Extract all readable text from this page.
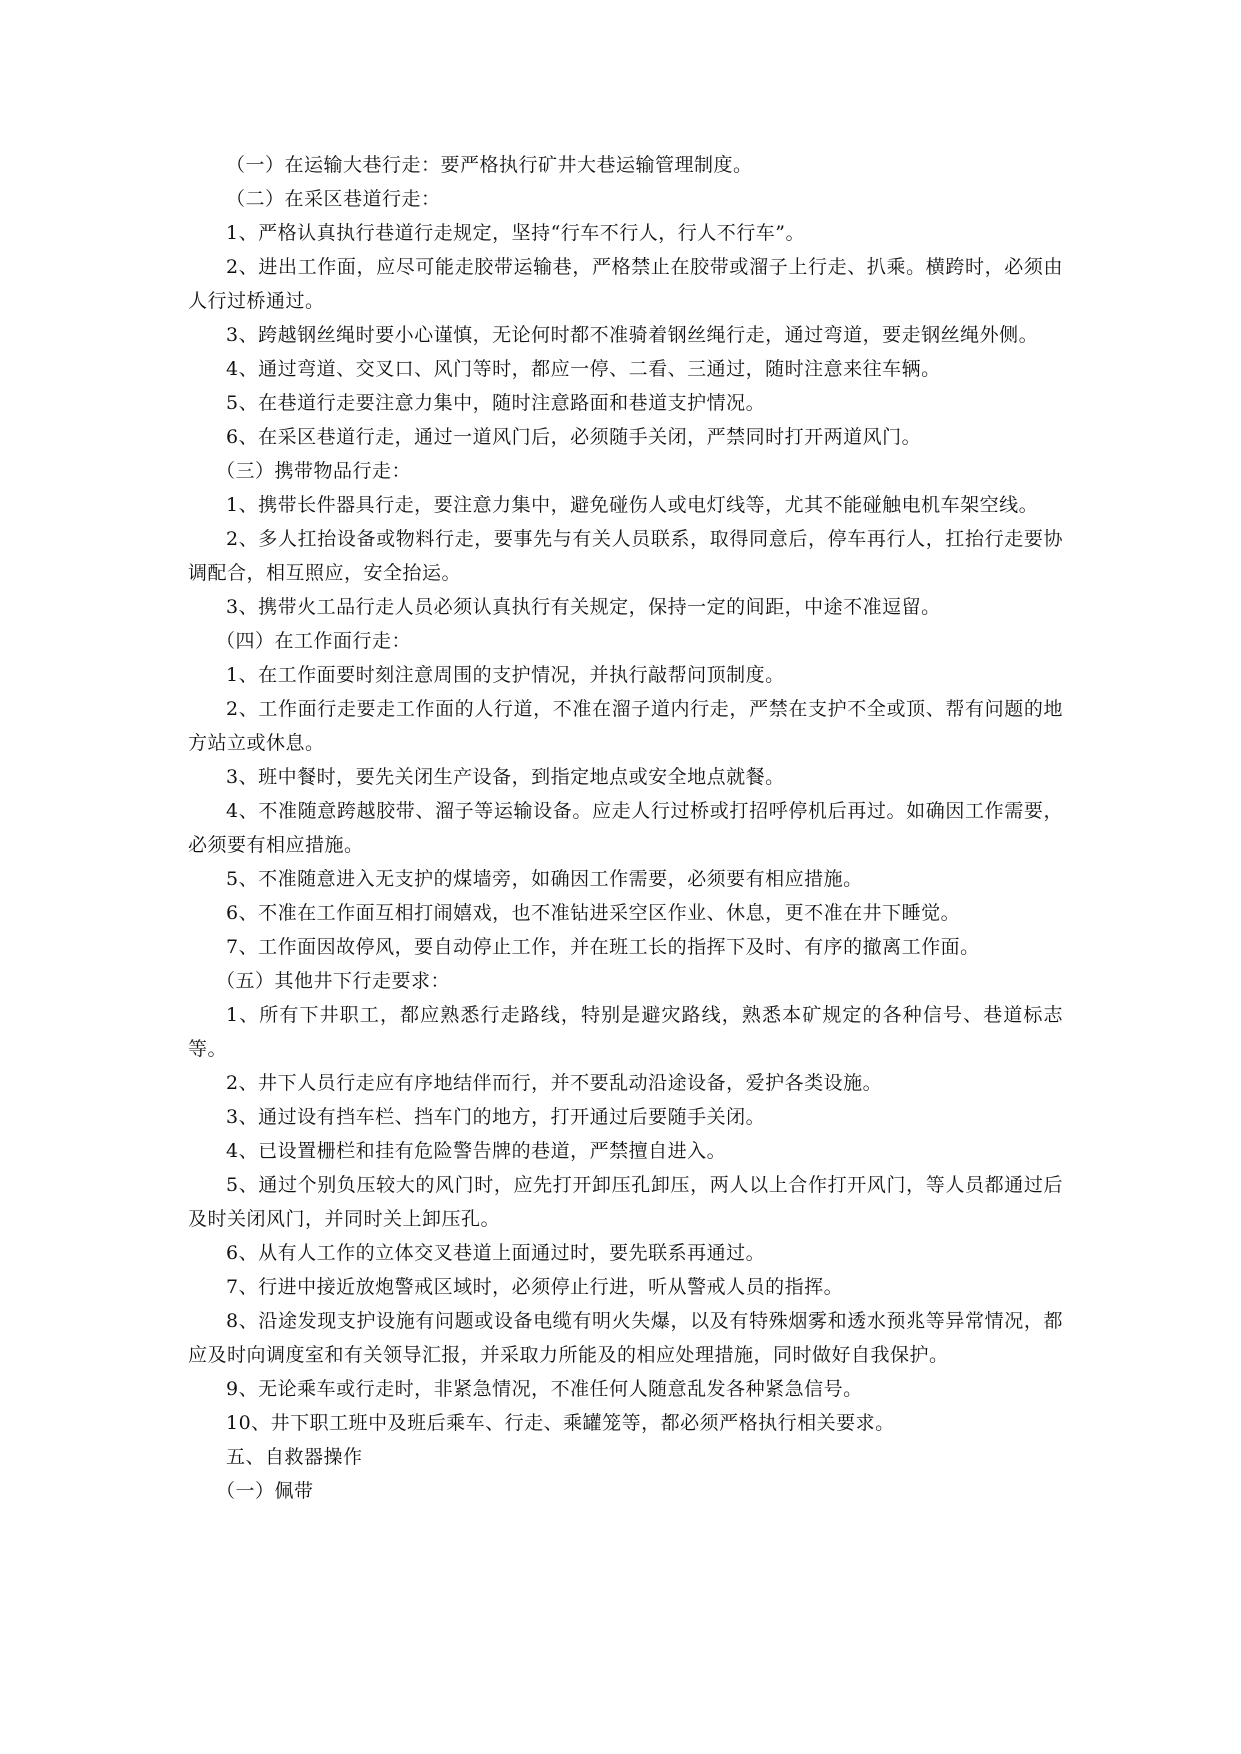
（一）在运输大巷行走：要严格执行矿井大巷运输管理制度。

（二）在采区巷道行走：

1、严格认真执行巷道行走规定，坚持“行车不行人，行人不行车”。

2、进出工作面，应尽可能走胶带运输巷，严格禁止在胶带或溜子上行走、扒乘。横跨时，必须由人行过桥通过。

3、跨越钢丝绳时要小心谨慎，无论何时都不准骑着钢丝绳行走，通过弯道，要走钢丝绳外侧。

4、通过弯道、交叉口、风门等时，都应一停、二看、三通过，随时注意来往车辆。

5、在巷道行走要注意力集中，随时注意路面和巷道支护情况。

6、在采区巷道行走，通过一道风门后，必须随手关闭，严禁同时打开两道风门。

（三）携带物品行走：

1、携带长件器具行走，要注意力集中，避免碰伤人或电灯线等，尤其不能碰触电机车架空线。

2、多人扛抬设备或物料行走，要事先与有关人员联系，取得同意后，停车再行人，扛抬行走要协调配合，相互照应，安全抬运。

3、携带火工品行走人员必须认真执行有关规定，保持一定的间距，中途不准逗留。

（四）在工作面行走：

1、在工作面要时刻注意周围的支护情况，并执行敲帮问顶制度。

2、工作面行走要走工作面的人行道，不准在溜子道内行走，严禁在支护不全或顶、帮有问题的地方站立或休息。

3、班中餐时，要先关闭生产设备，到指定地点或安全地点就餐。

4、不准随意跨越胶带、溜子等运输设备。应走人行过桥或打招呼停机后再过。如确因工作需要，必须要有相应措施。

5、不准随意进入无支护的煤墙旁，如确因工作需要，必须要有相应措施。

6、不准在工作面互相打闹嬉戏，也不准钻进采空区作业、休息，更不准在井下睡觉。

7、工作面因故停风，要自动停止工作，并在班工长的指挥下及时、有序的撤离工作面。

（五）其他井下行走要求：

1、所有下井职工，都应熟悉行走路线，特别是避灾路线，熟悉本矿规定的各种信号、巷道标志等。

2、井下人员行走应有序地结伴而行，并不要乱动沿途设备，爱护各类设施。

3、通过设有挡车栏、挡车门的地方，打开通过后要随手关闭。

4、已设置栅栏和挂有危险警告牌的巷道，严禁擅自进入。

5、通过个别负压较大的风门时，应先打开卸压孔卸压，两人以上合作打开风门，等人员都通过后及时关闭风门，并同时关上卸压孔。

6、从有人工作的立体交叉巷道上面通过时，要先联系再通过。

7、行进中接近放炮警戒区域时，必须停止行进，听从警戒人员的指挥。

8、沿途发现支护设施有问题或设备电缆有明火失爆，以及有特殊烟雾和透水预兆等异常情况，都应及时向调度室和有关领导汇报，并采取力所能及的相应处理措施，同时做好自我保护。

9、无论乘车或行走时，非紧急情况，不准任何人随意乱发各种紧急信号。

10、井下职工班中及班后乘车、行走、乘罐笼等，都必须严格执行相关要求。

五、自救器操作

（一）佩带
